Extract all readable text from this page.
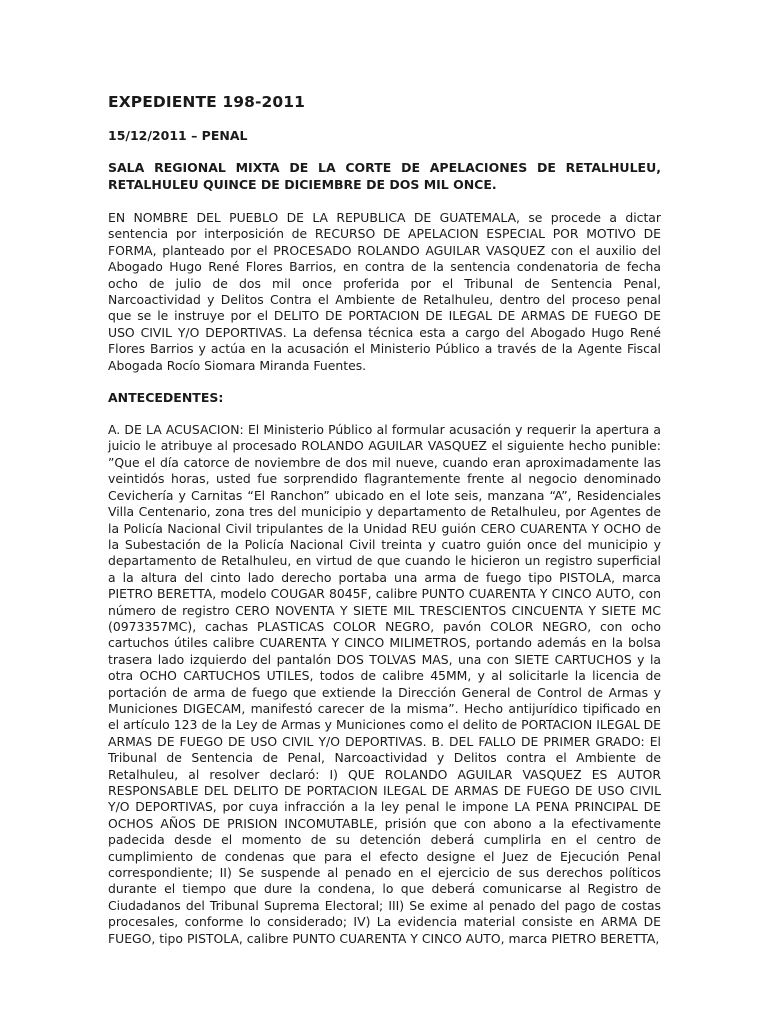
EXPEDIENTE 198-2011
15/12/2011 – PENAL
SALA REGIONAL MIXTA DE LA CORTE DE APELACIONES DE RETALHULEU, RETALHULEU QUINCE DE DICIEMBRE DE DOS MIL ONCE.
EN NOMBRE DEL PUEBLO DE LA REPUBLICA DE GUATEMALA, se procede a dictar sentencia por interposición de RECURSO DE APELACION ESPECIAL POR MOTIVO DE FORMA, planteado por el PROCESADO ROLANDO AGUILAR VASQUEZ con el auxilio del Abogado Hugo René Flores Barrios, en contra de la sentencia condenatoria de fecha ocho de julio de dos mil once proferida por el Tribunal de Sentencia Penal, Narcoactividad y Delitos Contra el Ambiente de Retalhuleu, dentro del proceso penal que se le instruye por el DELITO DE PORTACION DE ILEGAL DE ARMAS DE FUEGO DE USO CIVIL Y/O DEPORTIVAS. La defensa técnica esta a cargo del Abogado Hugo René Flores Barrios y actúa en la acusación el Ministerio Público a través de la Agente Fiscal Abogada Rocío Siomara Miranda Fuentes.
ANTECEDENTES:
A. DE LA ACUSACION: El Ministerio Público al formular acusación y requerir la apertura a juicio le atribuye al procesado ROLANDO AGUILAR VASQUEZ el siguiente hecho punible: ”Que el día catorce de noviembre de dos mil nueve, cuando eran aproximadamente las veintidós horas, usted fue sorprendido flagrantemente frente al negocio denominado Cevichería y Carnitas “El Ranchon” ubicado en el lote seis, manzana “A”, Residenciales Villa Centenario, zona tres del municipio y departamento de Retalhuleu, por Agentes de la Policía Nacional Civil tripulantes de la Unidad REU guión CERO CUARENTA Y OCHO de la Subestación de la Policía Nacional Civil treinta y cuatro guión once del municipio y departamento de Retalhuleu, en virtud de que cuando le hicieron un registro superficial a la altura del cinto lado derecho portaba una arma de fuego tipo PISTOLA, marca PIETRO BERETTA, modelo COUGAR 8045F, calibre PUNTO CUARENTA Y CINCO AUTO, con número de registro CERO NOVENTA Y SIETE MIL TRESCIENTOS CINCUENTA Y SIETE MC (0973357MC), cachas PLASTICAS COLOR NEGRO, pavón COLOR NEGRO, con ocho cartuchos útiles calibre CUARENTA Y CINCO MILIMETROS, portando además en la bolsa trasera lado izquierdo del pantalón DOS TOLVAS MAS, una con SIETE CARTUCHOS y la otra OCHO CARTUCHOS UTILES, todos de calibre 45MM, y al solicitarle la licencia de portación de arma de fuego que extiende la Dirección General de Control de Armas y Municiones DIGECAM, manifestó carecer de la misma”. Hecho antijurídico tipificado en el artículo 123 de la Ley de Armas y Municiones como el delito de PORTACION ILEGAL DE ARMAS DE FUEGO DE USO CIVIL Y/O DEPORTIVAS. B. DEL FALLO DE PRIMER GRADO: El Tribunal de Sentencia de Penal, Narcoactividad y Delitos contra el Ambiente de Retalhuleu, al resolver declaró: I) QUE ROLANDO AGUILAR VASQUEZ ES AUTOR RESPONSABLE DEL DELITO DE PORTACION ILEGAL DE ARMAS DE FUEGO DE USO CIVIL Y/O DEPORTIVAS, por cuya infracción a la ley penal le impone LA PENA PRINCIPAL DE OCHOS AÑOS DE PRISION INCOMUTABLE, prisión que con abono a la efectivamente padecida desde el momento de su detención deberá cumplirla en el centro de cumplimiento de condenas que para el efecto designe el Juez de Ejecución Penal correspondiente; II) Se suspende al penado en el ejercicio de sus derechos políticos durante el tiempo que dure la condena, lo que deberá comunicarse al Registro de Ciudadanos del Tribunal Suprema Electoral; III) Se exime al penado del pago de costas procesales, conforme lo considerado; IV) La evidencia material consiste en ARMA DE FUEGO, tipo PISTOLA, calibre PUNTO CUARENTA Y CINCO AUTO, marca PIETRO BERETTA,
